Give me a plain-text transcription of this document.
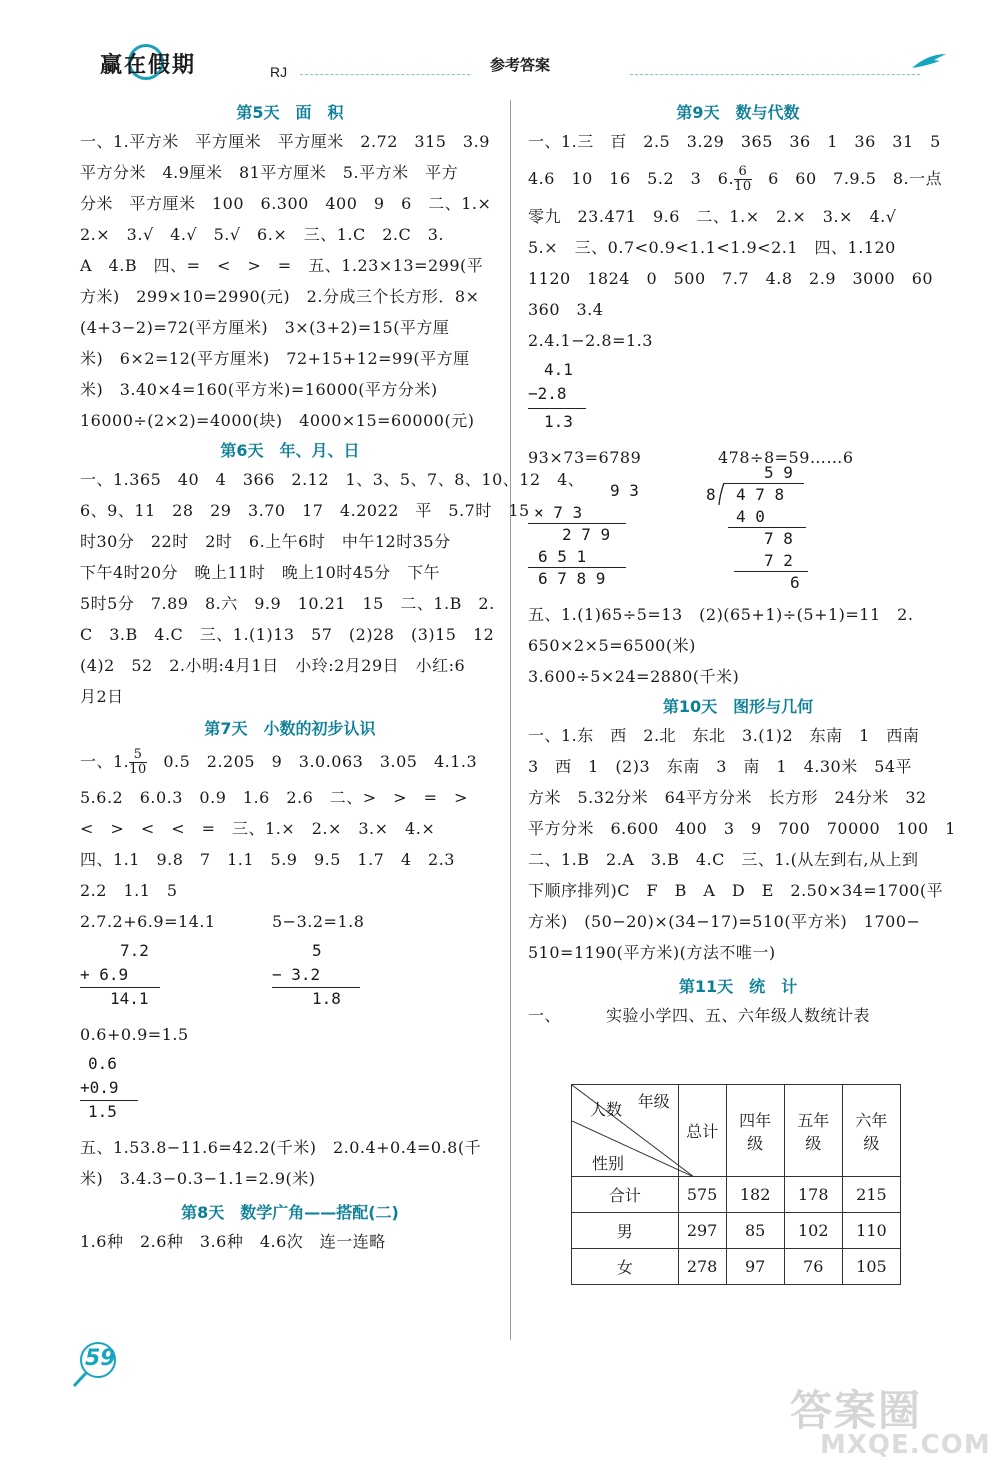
赢在假期	RJ	参考答案
第5天　面　积
一、1.平方米　平方厘米　平方厘米　2.72　315　3.9
平方分米　4.9厘米　81平方厘米　5.平方米　平方
分米　平方厘米　100　6.300　400　9　6　二、1.×
2.×　3.√　4.√　5.√　6.×　三、1.C　2.C　3.
A　4.B　四、=　<　>　=　五、1.23×13=299(平
方米)　299×10=2990(元)　2.分成三个长方形．8×
(4+3−2)=72(平方厘米)　3×(3+2)=15(平方厘
米)　6×2=12(平方厘米)　72+15+12=99(平方厘
米)　3.40×4=160(平方米)=16000(平方分米)
16000÷(2×2)=4000(块)　4000×15=60000(元)
第6天　年、月、日
一、1.365　40　4　366　2.12　1、3、5、7、8、10、12　4、
6、9、11　28　29　3.70　17　4.2022　平　5.7时　15
时30分　22时　2时　6.上午6时　中午12时35分
下午4时20分　晚上11时　晚上10时45分　下午
5时5分　7.89　8.六　9.9　10.21　15　二、1.B　2.
C　3.B　4.C　三、1.(1)13　57　(2)28　(3)15　12
(4)2　52　2.小明:4月1日　小玲:2月29日　小红:6
月2日
第7天　小数的初步认识
一、1. $\frac{5}{10}$
　 0.5　2.205　9　3.0.063　3.05　4.1.3
5.6.2　6.0.3　0.9　1.6　2.6　二、>　>　=　>
<　>　<　<　=　三、1.×　2.×　3.×　4.×
四、1.1　9.8　7　1.1　5.9　9.5　1.7　4　2.3
2.2　1.1　5
2.7.2+6.9=14.1	5−3.2=1.8
7.2
+ 6.9
14.1
5
− 3.2
1.8
0.6+0.9=1.5
0.6
+0.9
1.5
五、1.53.8−11.6=42.2(千米)　2.0.4+0.4=0.8(千
米)　3.4.3−0.3−1.1=2.9(米)
第8天　数学广角——搭配(二)
1.6种　2.6种　3.6种　4.6次　连一连略
第9天　数与代数
一、1.三　百　2.5　3.29　365　36　1　36　31　5
4.6　10　16　5.2　3　6. $\frac{6}{10}$
　 6　60　7.9.5　8.一点
零九　23.471　9.6　二、1.×　2.×　3.×　4.√
5.×　三、0.7<0.9<1.1<1.9<2.1　四、1.120
1120　1824　0　500　7.7　4.8　2.9　3000　60
360　3.4
2.4.1−2.8=1.3
4.1
−2.8
1.3
93×73=6789	478÷8=59……6
9 3
× 7 3
2 7 9
6 5 1
6 7 8 9
5 9
8 4 7 8
4 0
7 8
7 2
6
五、1.(1)65÷5=13　(2)(65+1)÷(5+1)=11　2.
650×2×5=6500(米)
3.600÷5×24=2880(千米)
第10天　图形与几何
一、1.东　西　2.北　东北　3.(1)2　东南　1　西南
3　西　1　(2)3　东南　3　南　1　4.30米　54平
方米　5.32分米　64平方分米　长方形　24分米　32
平方分米　6.600　400　3　9　700　70000　100　1
二、1.B　2.A　3.B　4.C　三、1.(从左到右,从上到
下顺序排列)C　F　B　A　D　E　2.50×34=1700(平
方米)　(50−20)×(34−17)=510(平方米)　1700−
510=1190(平方米)(方法不唯一)
第11天　统　计
一、	实验小学四、五、六年级人数统计表
年级
人数
性别	总计	四年级	五年级	六年级
合计	575	182	178	215
男	297	85	102	110
女	278	97	76	105
59
答案圈
MXQE.COM
